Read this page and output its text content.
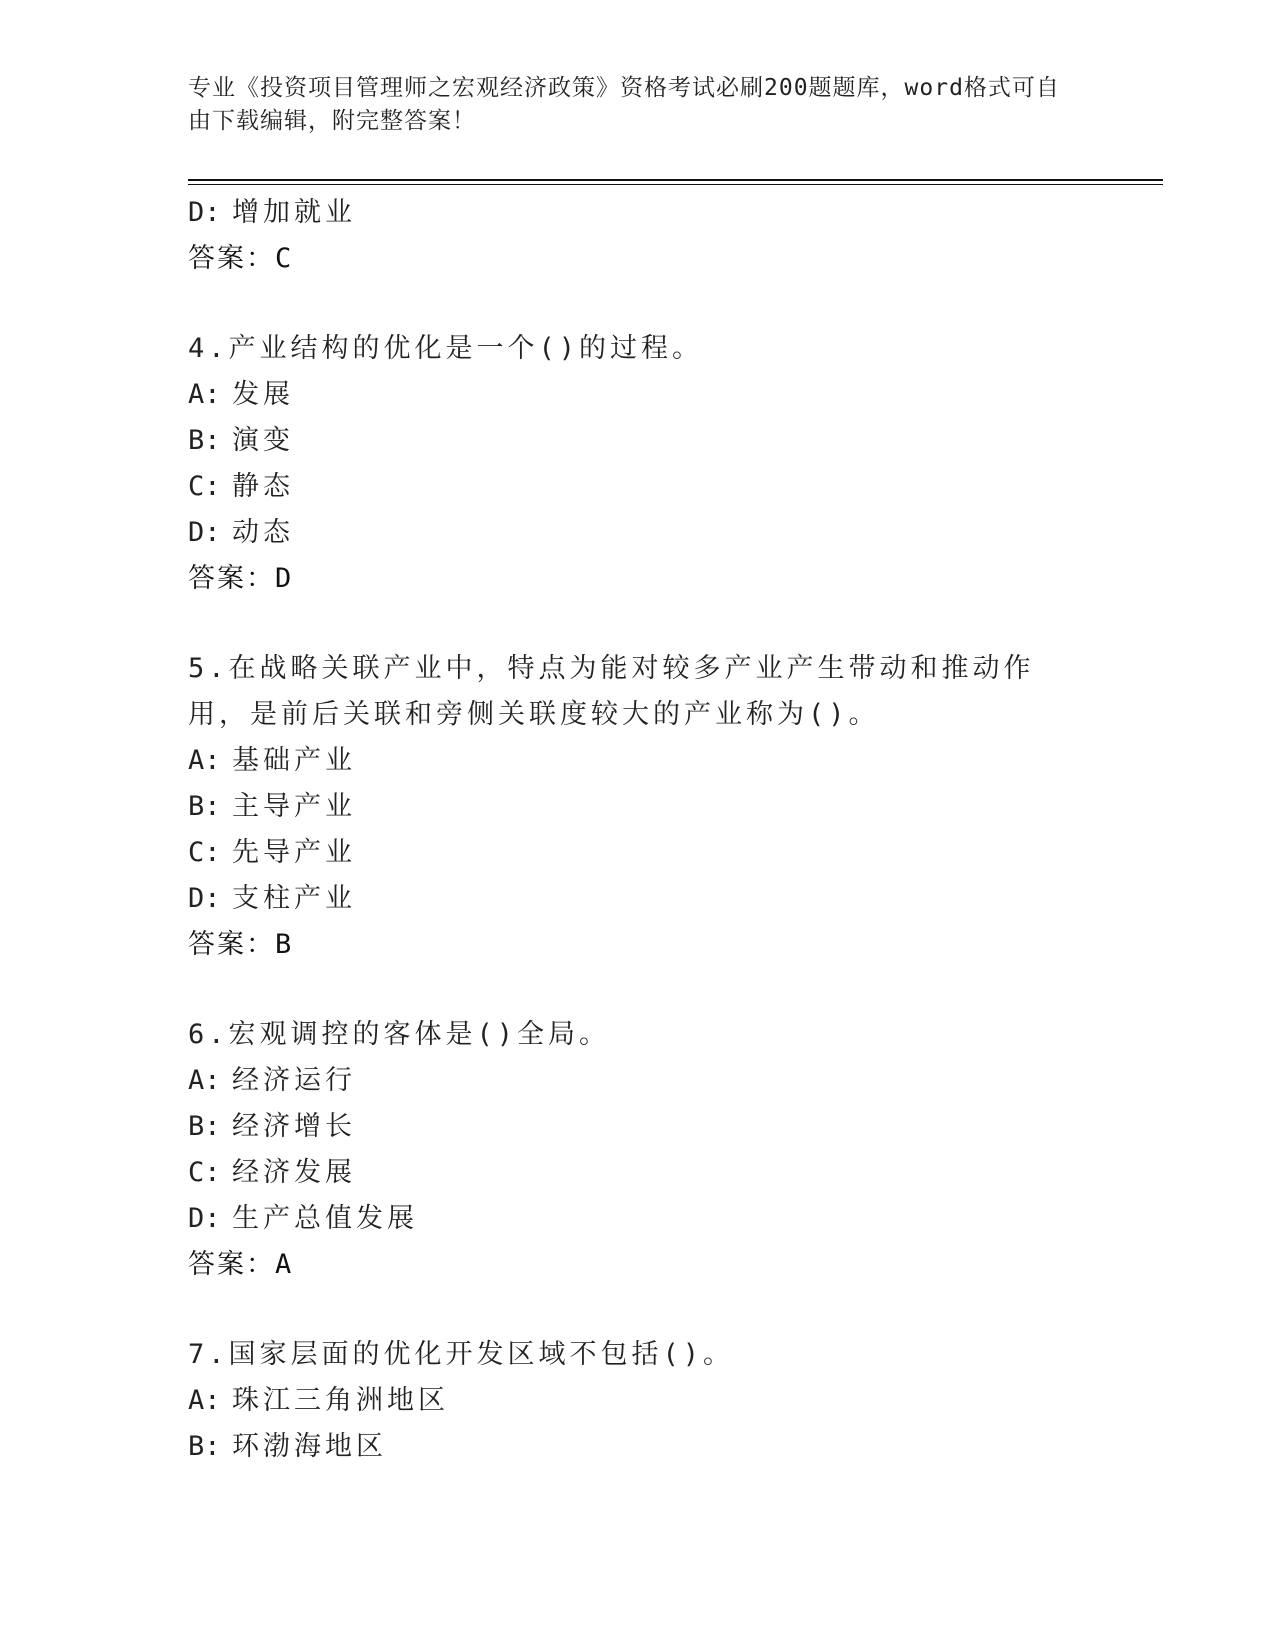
专业《投资项目管理师之宏观经济政策》资格考试必刷200题题库，word格式可自由下载编辑，附完整答案！
D: 增加就业
答案：C
4.产业结构的优化是一个()的过程。
A: 发展
B: 演变
C: 静态
D: 动态
答案：D
5.在战略关联产业中，特点为能对较多产业产生带动和推动作用，是前后关联和旁侧关联度较大的产业称为()。
A: 基础产业
B: 主导产业
C: 先导产业
D: 支柱产业
答案：B
6.宏观调控的客体是()全局。
A: 经济运行
B: 经济增长
C: 经济发展
D: 生产总值发展
答案：A
7.国家层面的优化开发区域不包括()。
A: 珠江三角洲地区
B: 环渤海地区
